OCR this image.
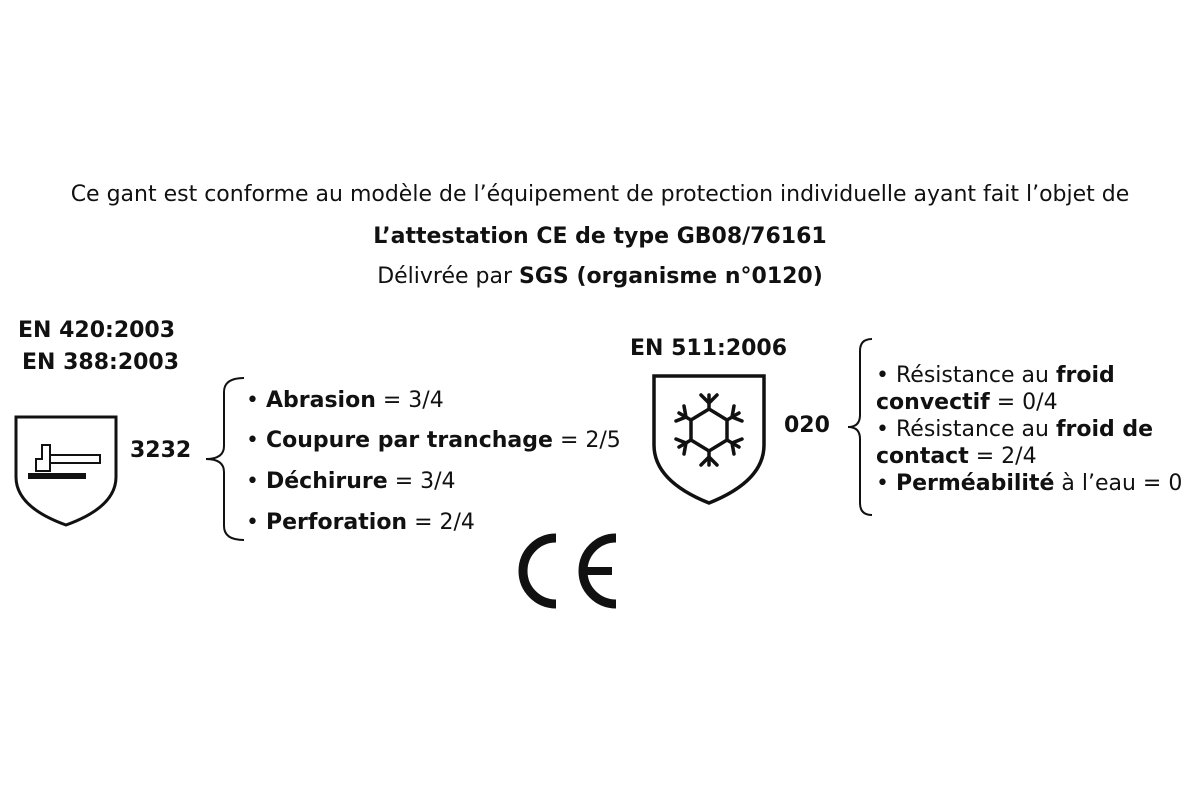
Ce gant est conforme au modèle de l’équipement de protection individuelle ayant fait l’objet de
L’attestation CE de type GB08/76161
Délivrée par SGS (organisme n°0120)
EN 420:2003
EN 388:2003
3232
• Abrasion = 3/4
• Coupure par tranchage = 2/5
• Déchirure = 3/4
• Perforation = 2/4
EN 511:2006
020
• Résistance au froid
convectif = 0/4
• Résistance au froid de
contact = 2/4
• Perméabilité à l’eau = 0
